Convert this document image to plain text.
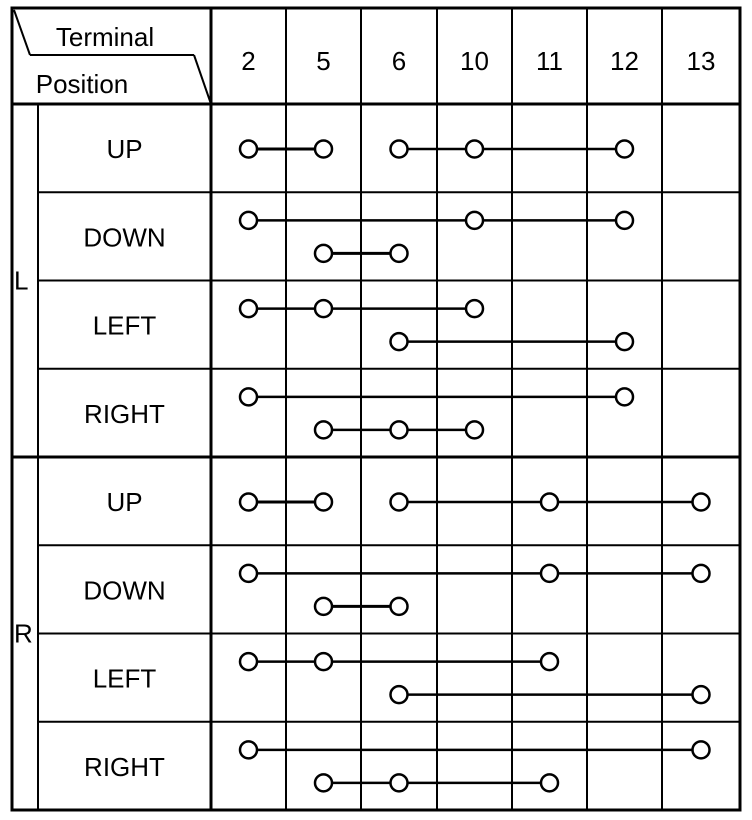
Terminal
Position
2 5 6 10 11 12 13
L
UP
DOWN
LEFT
RIGHT
R
UP
DOWN
LEFT
RIGHT
